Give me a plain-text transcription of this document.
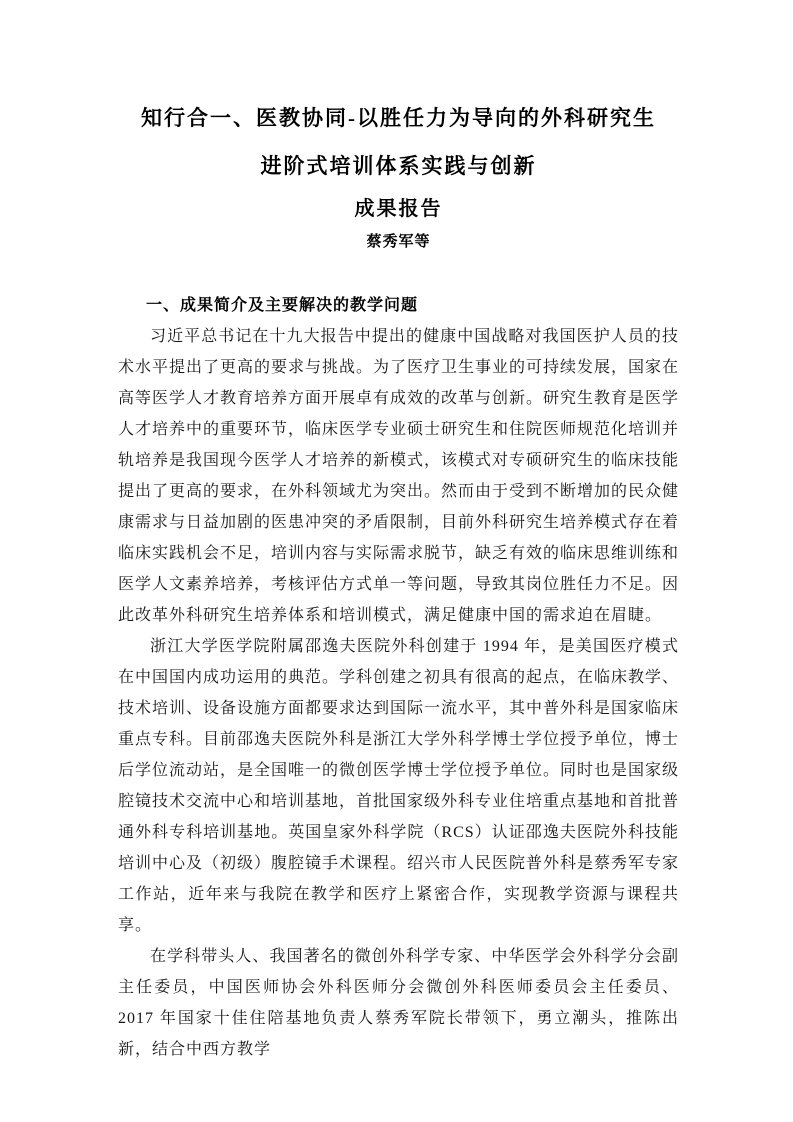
知行合一、医教协同-以胜任力为导向的外科研究生
进阶式培训体系实践与创新
成果报告
蔡秀军等
一、成果简介及主要解决的教学问题

习近平总书记在十九大报告中提出的健康中国战略对我国医护人员的技术水平提出了更高的要求与挑战。为了医疗卫生事业的可持续发展，国家在高等医学人才教育培养方面开展卓有成效的改革与创新。研究生教育是医学人才培养中的重要环节，临床医学专业硕士研究生和住院医师规范化培训并轨培养是我国现今医学人才培养的新模式，该模式对专硕研究生的临床技能提出了更高的要求，在外科领域尤为突出。然而由于受到不断增加的民众健康需求与日益加剧的医患冲突的矛盾限制，目前外科研究生培养模式存在着临床实践机会不足，培训内容与实际需求脱节，缺乏有效的临床思维训练和医学人文素养培养，考核评估方式单一等问题，导致其岗位胜任力不足。因此改革外科研究生培养体系和培训模式，满足健康中国的需求迫在眉睫。

浙江大学医学院附属邵逸夫医院外科创建于 1994 年，是美国医疗模式在中国国内成功运用的典范。学科创建之初具有很高的起点，在临床教学、技术培训、设备设施方面都要求达到国际一流水平，其中普外科是国家临床重点专科。目前邵逸夫医院外科是浙江大学外科学博士学位授予单位，博士后学位流动站，是全国唯一的微创医学博士学位授予单位。同时也是国家级腔镜技术交流中心和培训基地，首批国家级外科专业住培重点基地和首批普通外科专科培训基地。英国皇家外科学院（RCS）认证邵逸夫医院外科技能培训中心及（初级）腹腔镜手术课程。绍兴市人民医院普外科是蔡秀军专家工作站，近年来与我院在教学和医疗上紧密合作，实现教学资源与课程共享。

在学科带头人、我国著名的微创外科学专家、中华医学会外科学分会副主任委员，中国医师协会外科医师分会微创外科医师委员会主任委员、2017 年国家十佳住陪基地负责人蔡秀军院长带领下，勇立潮头，推陈出新，结合中西方教学
